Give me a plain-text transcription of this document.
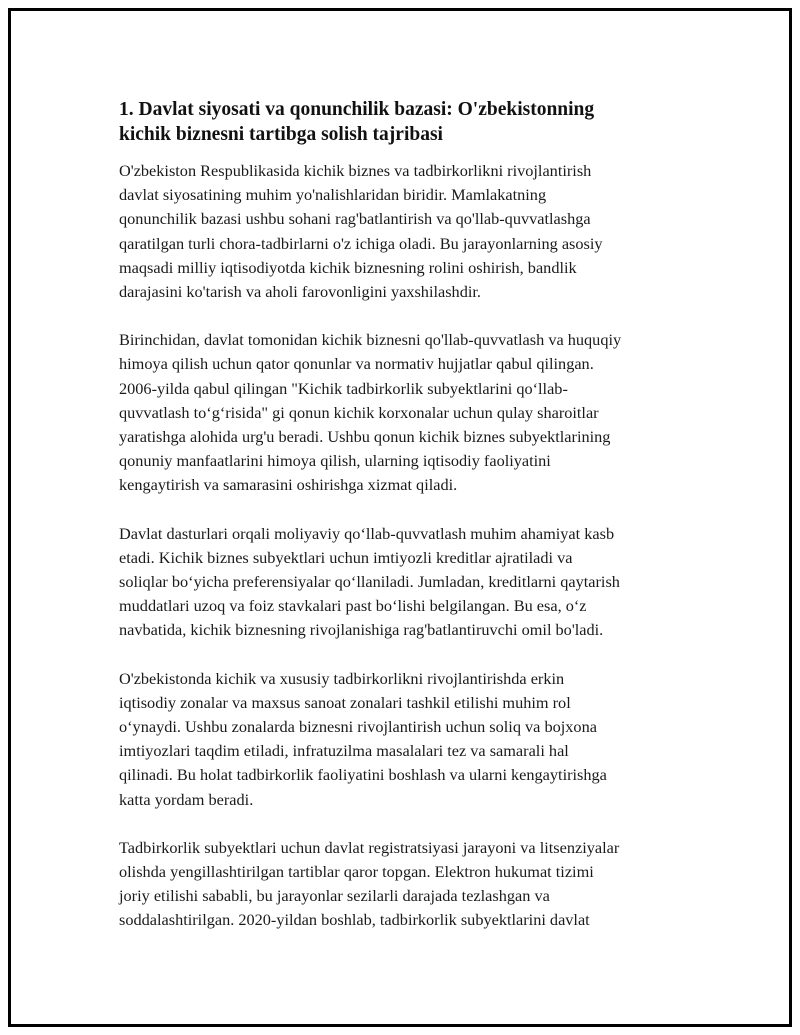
1. Davlat siyosati va qonunchilik bazasi: O'zbekistonning
kichik biznesni tartibga solish tajribasi

O'zbekiston Respublikasida kichik biznes va tadbirkorlikni rivojlantirish
davlat siyosatining muhim yo'nalishlaridan biridir. Mamlakatning
qonunchilik bazasi ushbu sohani rag'batlantirish va qo'llab-quvvatlashga
qaratilgan turli chora-tadbirlarni o'z ichiga oladi. Bu jarayonlarning asosiy
maqsadi milliy iqtisodiyotda kichik biznesning rolini oshirish, bandlik
darajasini ko'tarish va aholi farovonligini yaxshilashdir.

Birinchidan, davlat tomonidan kichik biznesni qo'llab-quvvatlash va huquqiy
himoya qilish uchun qator qonunlar va normativ hujjatlar qabul qilingan.
2006-yilda qabul qilingan "Kichik tadbirkorlik subyektlarini qo‘llab-
quvvatlash to‘g‘risida" gi qonun kichik korxonalar uchun qulay sharoitlar
yaratishga alohida urg'u beradi. Ushbu qonun kichik biznes subyektlarining
qonuniy manfaatlarini himoya qilish, ularning iqtisodiy faoliyatini
kengaytirish va samarasini oshirishga xizmat qiladi.

Davlat dasturlari orqali moliyaviy qo‘llab-quvvatlash muhim ahamiyat kasb
etadi. Kichik biznes subyektlari uchun imtiyozli kreditlar ajratiladi va
soliqlar bo‘yicha preferensiyalar qo‘llaniladi. Jumladan, kreditlarni qaytarish
muddatlari uzoq va foiz stavkalari past bo‘lishi belgilangan. Bu esa, o‘z
navbatida, kichik biznesning rivojlanishiga rag'batlantiruvchi omil bo'ladi.

O'zbekistonda kichik va xususiy tadbirkorlikni rivojlantirishda erkin
iqtisodiy zonalar va maxsus sanoat zonalari tashkil etilishi muhim rol
o‘ynaydi. Ushbu zonalarda biznesni rivojlantirish uchun soliq va bojxona
imtiyozlari taqdim etiladi, infratuzilma masalalari tez va samarali hal
qilinadi. Bu holat tadbirkorlik faoliyatini boshlash va ularni kengaytirishga
katta yordam beradi.

Tadbirkorlik subyektlari uchun davlat registratsiyasi jarayoni va litsenziyalar
olishda yengillashtirilgan tartiblar qaror topgan. Elektron hukumat tizimi
joriy etilishi sababli, bu jarayonlar sezilarli darajada tezlashgan va
soddalashtirilgan. 2020-yildan boshlab, tadbirkorlik subyektlarini davlat
